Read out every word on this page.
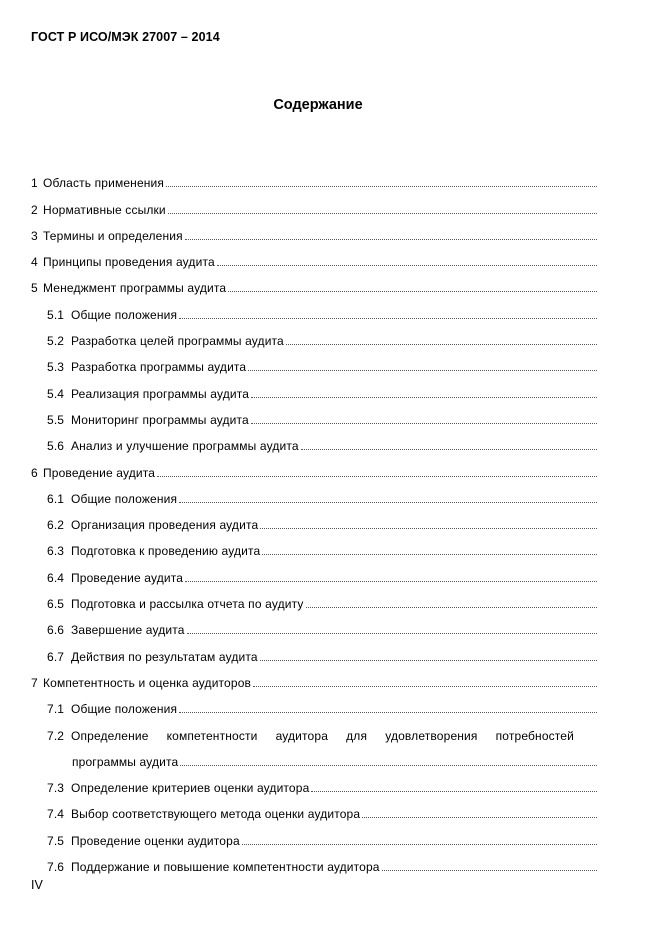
ГОСТ Р ИСО/МЭК 27007 – 2014
Содержание
1 Область применения
2 Нормативные ссылки
3 Термины и определения
4 Принципы проведения аудита
5 Менеджмент программы аудита
5.1 Общие положения
5.2 Разработка целей программы аудита
5.3 Разработка программы аудита
5.4 Реализация программы аудита
5.5 Мониторинг программы аудита
5.6 Анализ и улучшение программы аудита
6 Проведение аудита
6.1 Общие положения
6.2 Организация проведения аудита
6.3 Подготовка к проведению аудита
6.4 Проведение аудита
6.5 Подготовка и рассылка отчета по аудиту
6.6 Завершение аудита
6.7 Действия по результатам аудита
7 Компетентность и оценка аудиторов
7.1 Общие положения
7.2 Определение компетентности аудитора для удовлетворения потребностей
программы аудита
7.3 Определение критериев оценки аудитора
7.4 Выбор соответствующего метода оценки аудитора
7.5 Проведение оценки аудитора
7.6 Поддержание и повышение компетентности аудитора
IV
